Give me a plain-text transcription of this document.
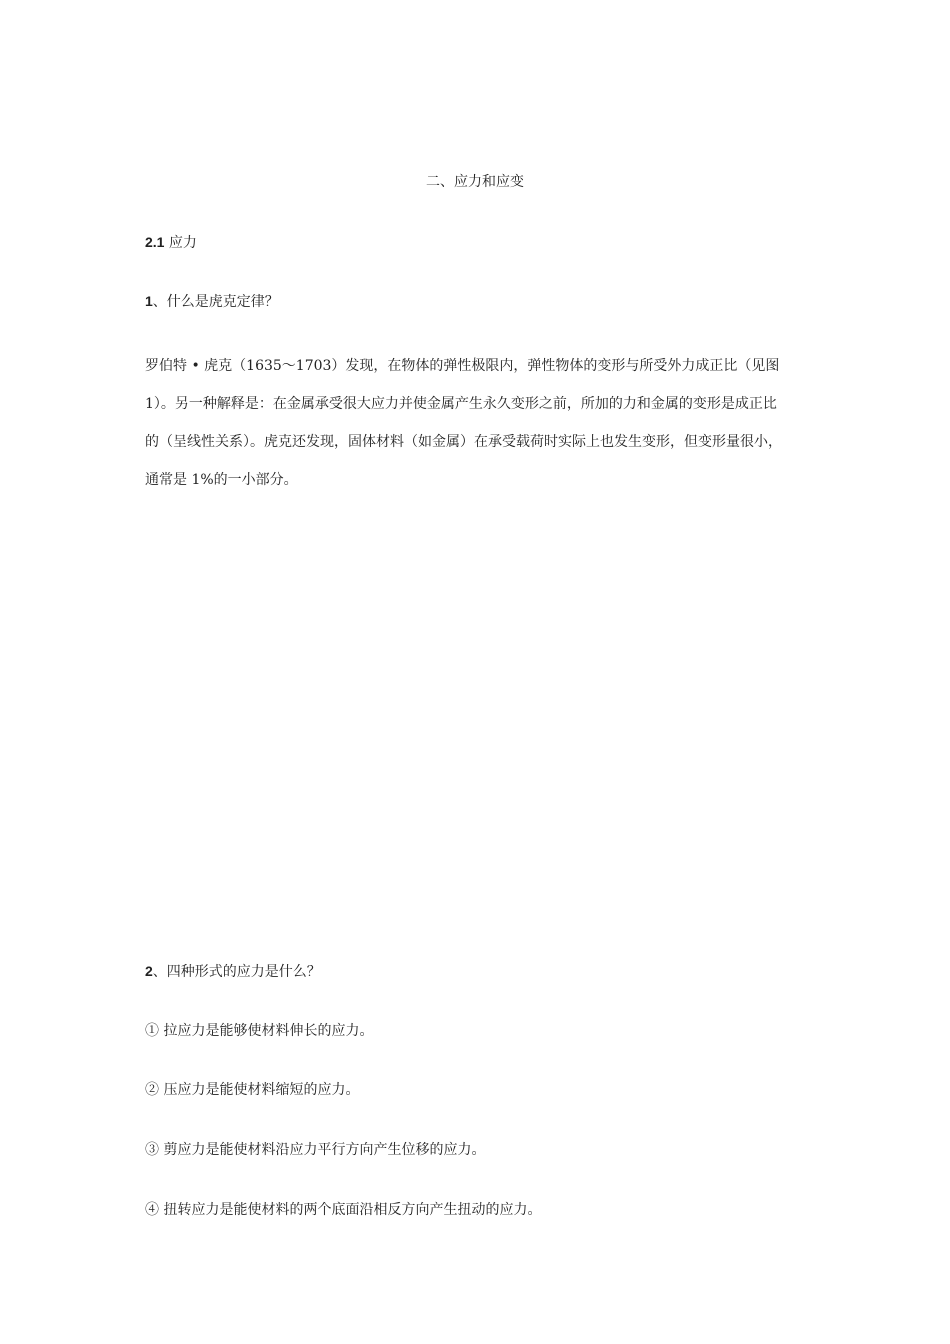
二、应力和应变
2.1 应力
1、什么是虎克定律？
罗伯特 • 虎克（1635～1703）发现，在物体的弹性极限内，弹性物体的变形与所受外力成正比（见图
1）。另一种解释是：在金属承受很大应力并使金属产生永久变形之前，所加的力和金属的变形是成正比
的（呈线性关系）。虎克还发现，固体材料（如金属）在承受载荷时实际上也发生变形，但变形量很小，
通常是 1%的一小部分。
2、四种形式的应力是什么？
① 拉应力是能够使材料伸长的应力。
② 压应力是能使材料缩短的应力。
③ 剪应力是能使材料沿应力平行方向产生位移的应力。
④ 扭转应力是能使材料的两个底面沿相反方向产生扭动的应力。
